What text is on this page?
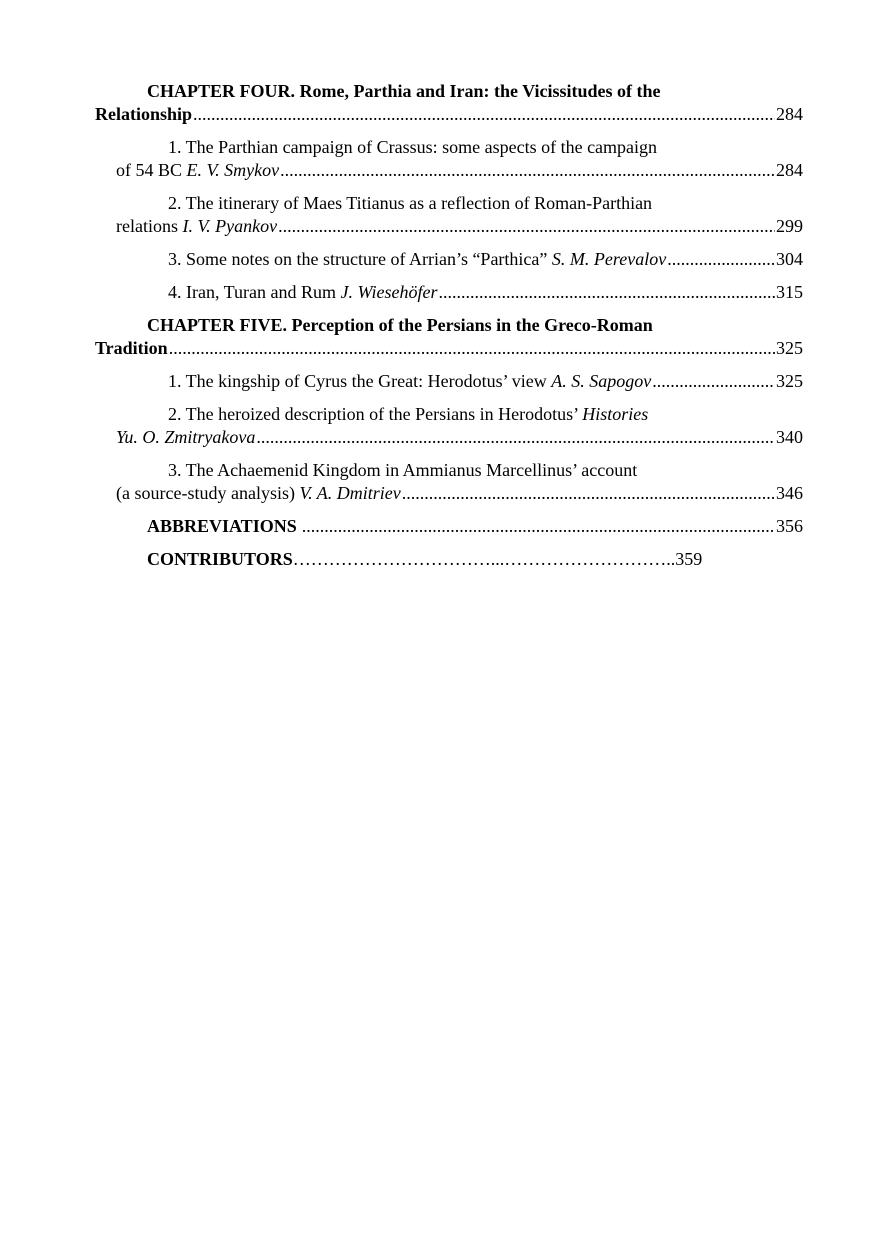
CHAPTER FOUR. Rome, Parthia and Iran: the Vicissitudes of the
Relationship .....	284
1. The Parthian campaign of Crassus: some aspects of the campaign
of 54 BC E. V. Smykov .....	284
2. The itinerary of Maes Titianus as a reflection of Roman-Parthian
relations I. V. Pyankov .....	299
3. Some notes on the structure of Arrian’s “Parthica” S. M. Perevalov .....	304
4. Iran, Turan and Rum J. Wiesehöfer .....	315
CHAPTER FIVE. Perception of the Persians in the Greco-Roman
Tradition .....	325
1. The kingship of Cyrus the Great: Herodotus’ view A. S. Sapogov .....	325
2. The heroized description of the Persians in Herodotus’ Histories
Yu. O. Zmitryakova .....	340
3. The Achaemenid Kingdom in Ammianus Marcellinus’ account
(a source-study analysis) V. A. Dmitriev .....	346
ABBREVIATIONS .....	356
CONTRIBUTORS……………………………...………………………..359
